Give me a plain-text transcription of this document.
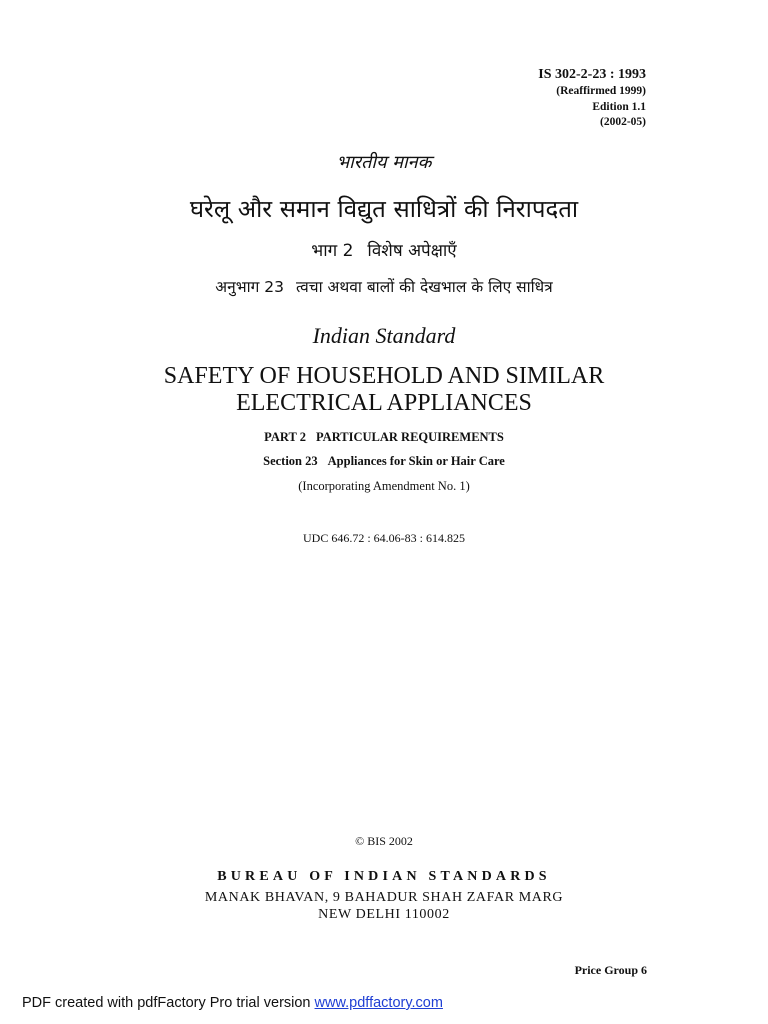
IS 302-2-23 : 1993
(Reaffirmed 1999)
Edition 1.1
(2002-05)
भारतीय मानक
घरेलू और समान विद्युत साधित्रों की निरापदता
भाग 2 विशेष अपेक्षाएँ
अनुभाग 23 त्वचा अथवा बालों की देखभाल के लिए साधित्र
Indian Standard
SAFETY OF HOUSEHOLD AND SIMILAR
ELECTRICAL APPLIANCES
PART 2 PARTICULAR REQUIREMENTS
Section 23 Appliances for Skin or Hair Care
(Incorporating Amendment No. 1)
UDC 646.72 : 64.06-83 : 614.825
© BIS 2002
BUREAU OF INDIAN STANDARDS
MANAK BHAVAN, 9 BAHADUR SHAH ZAFAR MARG
NEW DELHI 110002
Price Group 6
PDF created with pdfFactory Pro trial version www.pdffactory.com
